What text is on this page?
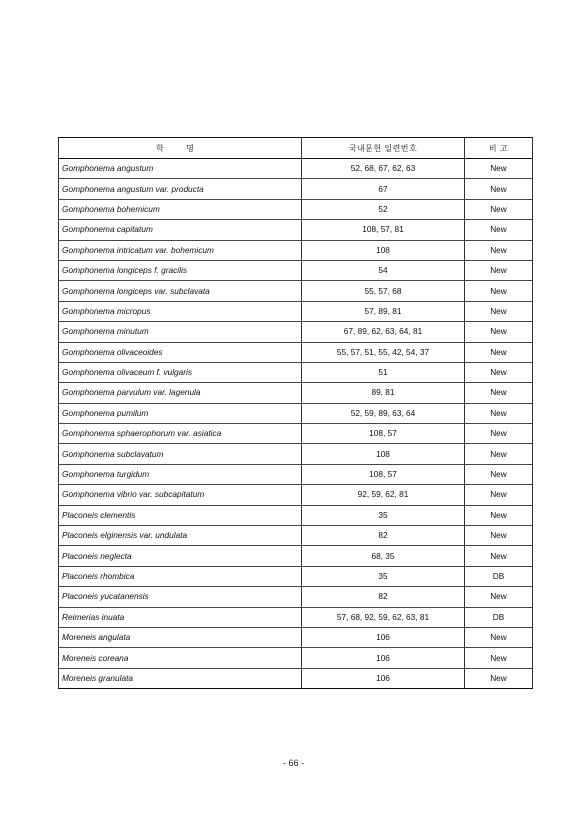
학 명	국내문헌 일련번호	비 고
Gomphonema angustum	52, 68, 67, 62, 63	New
Gomphonema angustum var. producta	67	New
Gomphonema bohemicum	52	New
Gomphonema capitatum	108, 57, 81	New
Gomphonema intricatum var. bohemicum	108	New
Gomphonema longiceps f. gracilis	54	New
Gomphonema longiceps var. subclavata	55, 57, 68	New
Gomphonema micropus	57, 89, 81	New
Gomphonema minutum	67, 89, 62, 63, 64, 81	New
Gomphonema olivaceoides	55, 57, 51, 55, 42, 54, 37	New
Gomphonema olivaceum f. vulgaris	51	New
Gomphonema parvulum var. lagenula	89, 81	New
Gomphonema pumilum	52, 59, 89, 63, 64	New
Gomphonema sphaerophorum var. asiatica	108, 57	New
Gomphonema subclavatum	108	New
Gomphonema turgidum	108, 57	New
Gomphonema vibrio var. subcapitatum	92, 59, 62, 81	New
Placoneis clementis	35	New
Placoneis elginensis var. undulata	82	New
Placoneis neglecta	68, 35	New
Placoneis rhombica	35	DB
Placoneis yucatanensis	82	New
Reimerias inuata	57, 68, 92, 59, 62, 63, 81	DB
Moreneis angulata	106	New
Moreneis coreana	106	New
Moreneis granulata	106	New
- 66 -
